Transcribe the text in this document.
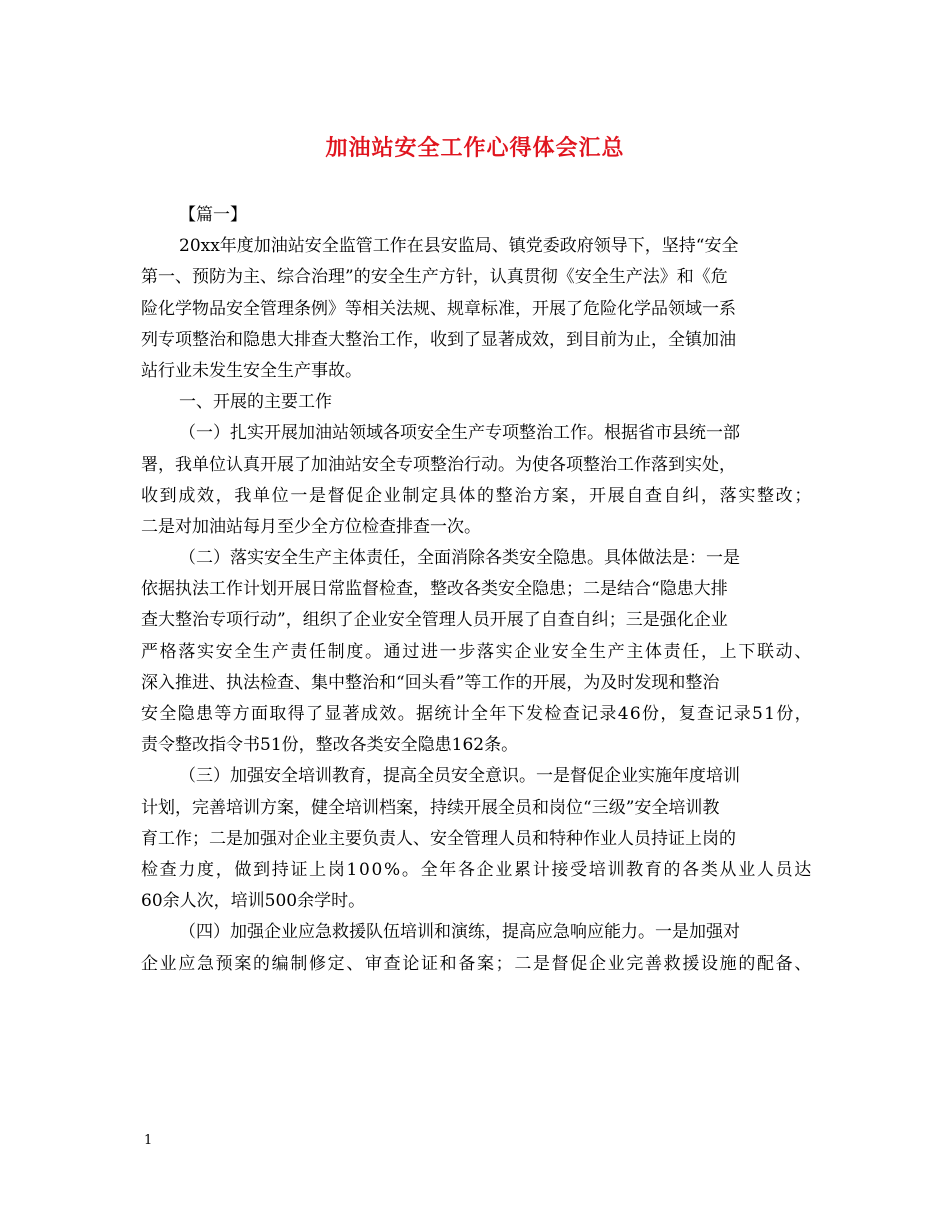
加油站安全工作心得体会汇总
【篇一】
20xx年度加油站安全监管工作在县安监局、镇党委政府领导下，坚持“安全
第一、预防为主、综合治理”的安全生产方针，认真贯彻《安全生产法》和《危
险化学物品安全管理条例》等相关法规、规章标准，开展了危险化学品领域一系
列专项整治和隐患大排查大整治工作，收到了显著成效，到目前为止，全镇加油
站行业未发生安全生产事故。
一、开展的主要工作
（一）扎实开展加油站领域各项安全生产专项整治工作。根据省市县统一部
署，我单位认真开展了加油站安全专项整治行动。为使各项整治工作落到实处，
收到成效，我单位一是督促企业制定具体的整治方案，开展自查自纠，落实整改；
二是对加油站每月至少全方位检查排查一次。
（二）落实安全生产主体责任，全面消除各类安全隐患。具体做法是：一是
依据执法工作计划开展日常监督检查，整改各类安全隐患；二是结合“隐患大排
查大整治专项行动”，组织了企业安全管理人员开展了自查自纠；三是强化企业
严格落实安全生产责任制度。通过进一步落实企业安全生产主体责任，上下联动、
深入推进、执法检查、集中整治和“回头看”等工作的开展，为及时发现和整治
安全隐患等方面取得了显著成效。据统计全年下发检查记录46份，复查记录51份，
责令整改指令书51份，整改各类安全隐患162条。
（三）加强安全培训教育，提高全员安全意识。一是督促企业实施年度培训
计划，完善培训方案，健全培训档案，持续开展全员和岗位“三级”安全培训教
育工作；二是加强对企业主要负责人、安全管理人员和特种作业人员持证上岗的
检查力度，做到持证上岗100%。全年各企业累计接受培训教育的各类从业人员达
60余人次，培训500余学时。
（四）加强企业应急救援队伍培训和演练，提高应急响应能力。一是加强对
企业应急预案的编制修定、审查论证和备案；二是督促企业完善救援设施的配备、
1
